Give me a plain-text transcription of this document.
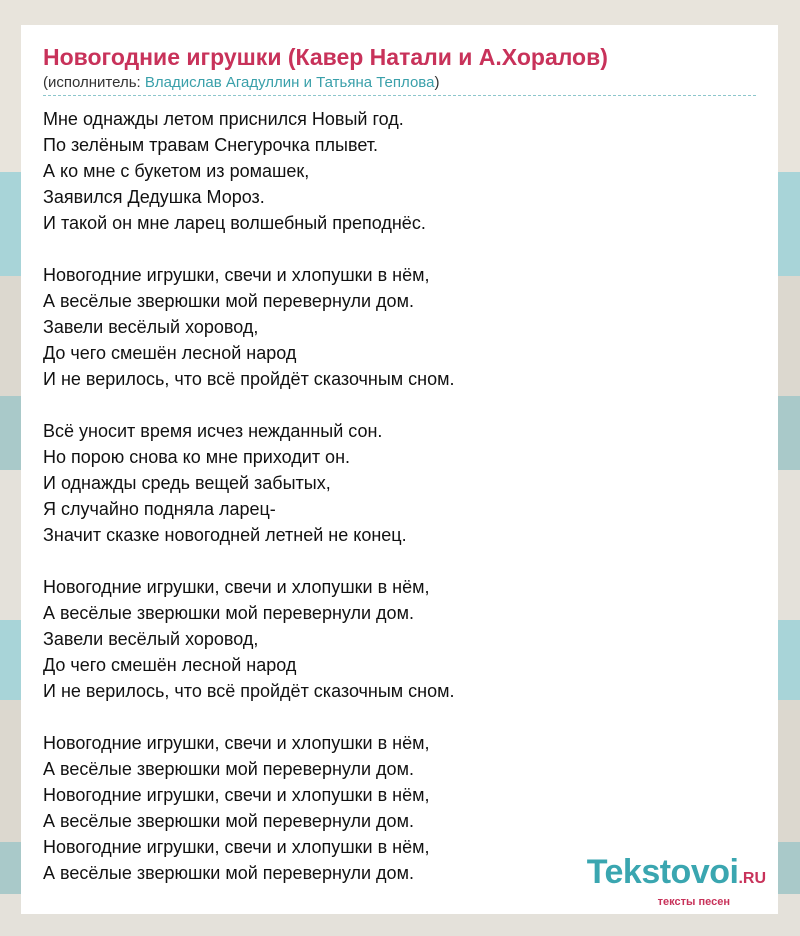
Новогодние игрушки (Кавер Натали и А.Хоралов)
(исполнитель: Владислав Агадуллин и Татьяна Теплова)
Мне однажды летом приснился Новый год.
По зелёным травам Снегурочка плывет.
А ко мне с букетом из ромашек,
Заявился Дедушка Мороз.
И такой он мне ларец волшебный преподнёс.
Новогодние игрушки, свечи и хлопушки в нём,
А весёлые зверюшки мой перевернули дом.
Завели весёлый хоровод,
До чего смешён лесной народ
И не верилось, что всё пройдёт сказочным сном.
Всё уносит время исчез нежданный сон.
Но порою снова ко мне приходит он.
И однажды средь вещей забытых,
Я случайно подняла ларец-
Значит сказке новогодней летней не конец.
Новогодние игрушки, свечи и хлопушки в нём,
А весёлые зверюшки мой перевернули дом.
Завели весёлый хоровод,
До чего смешён лесной народ
И не верилось, что всё пройдёт сказочным сном.
Новогодние игрушки, свечи и хлопушки в нём,
А весёлые зверюшки мой перевернули дом.
Новогодние игрушки, свечи и хлопушки в нём,
А весёлые зверюшки мой перевернули дом.
Новогодние игрушки, свечи и хлопушки в нём,
А весёлые зверюшки мой перевернули дом.	Tekstovoi.RU
тексты песен
